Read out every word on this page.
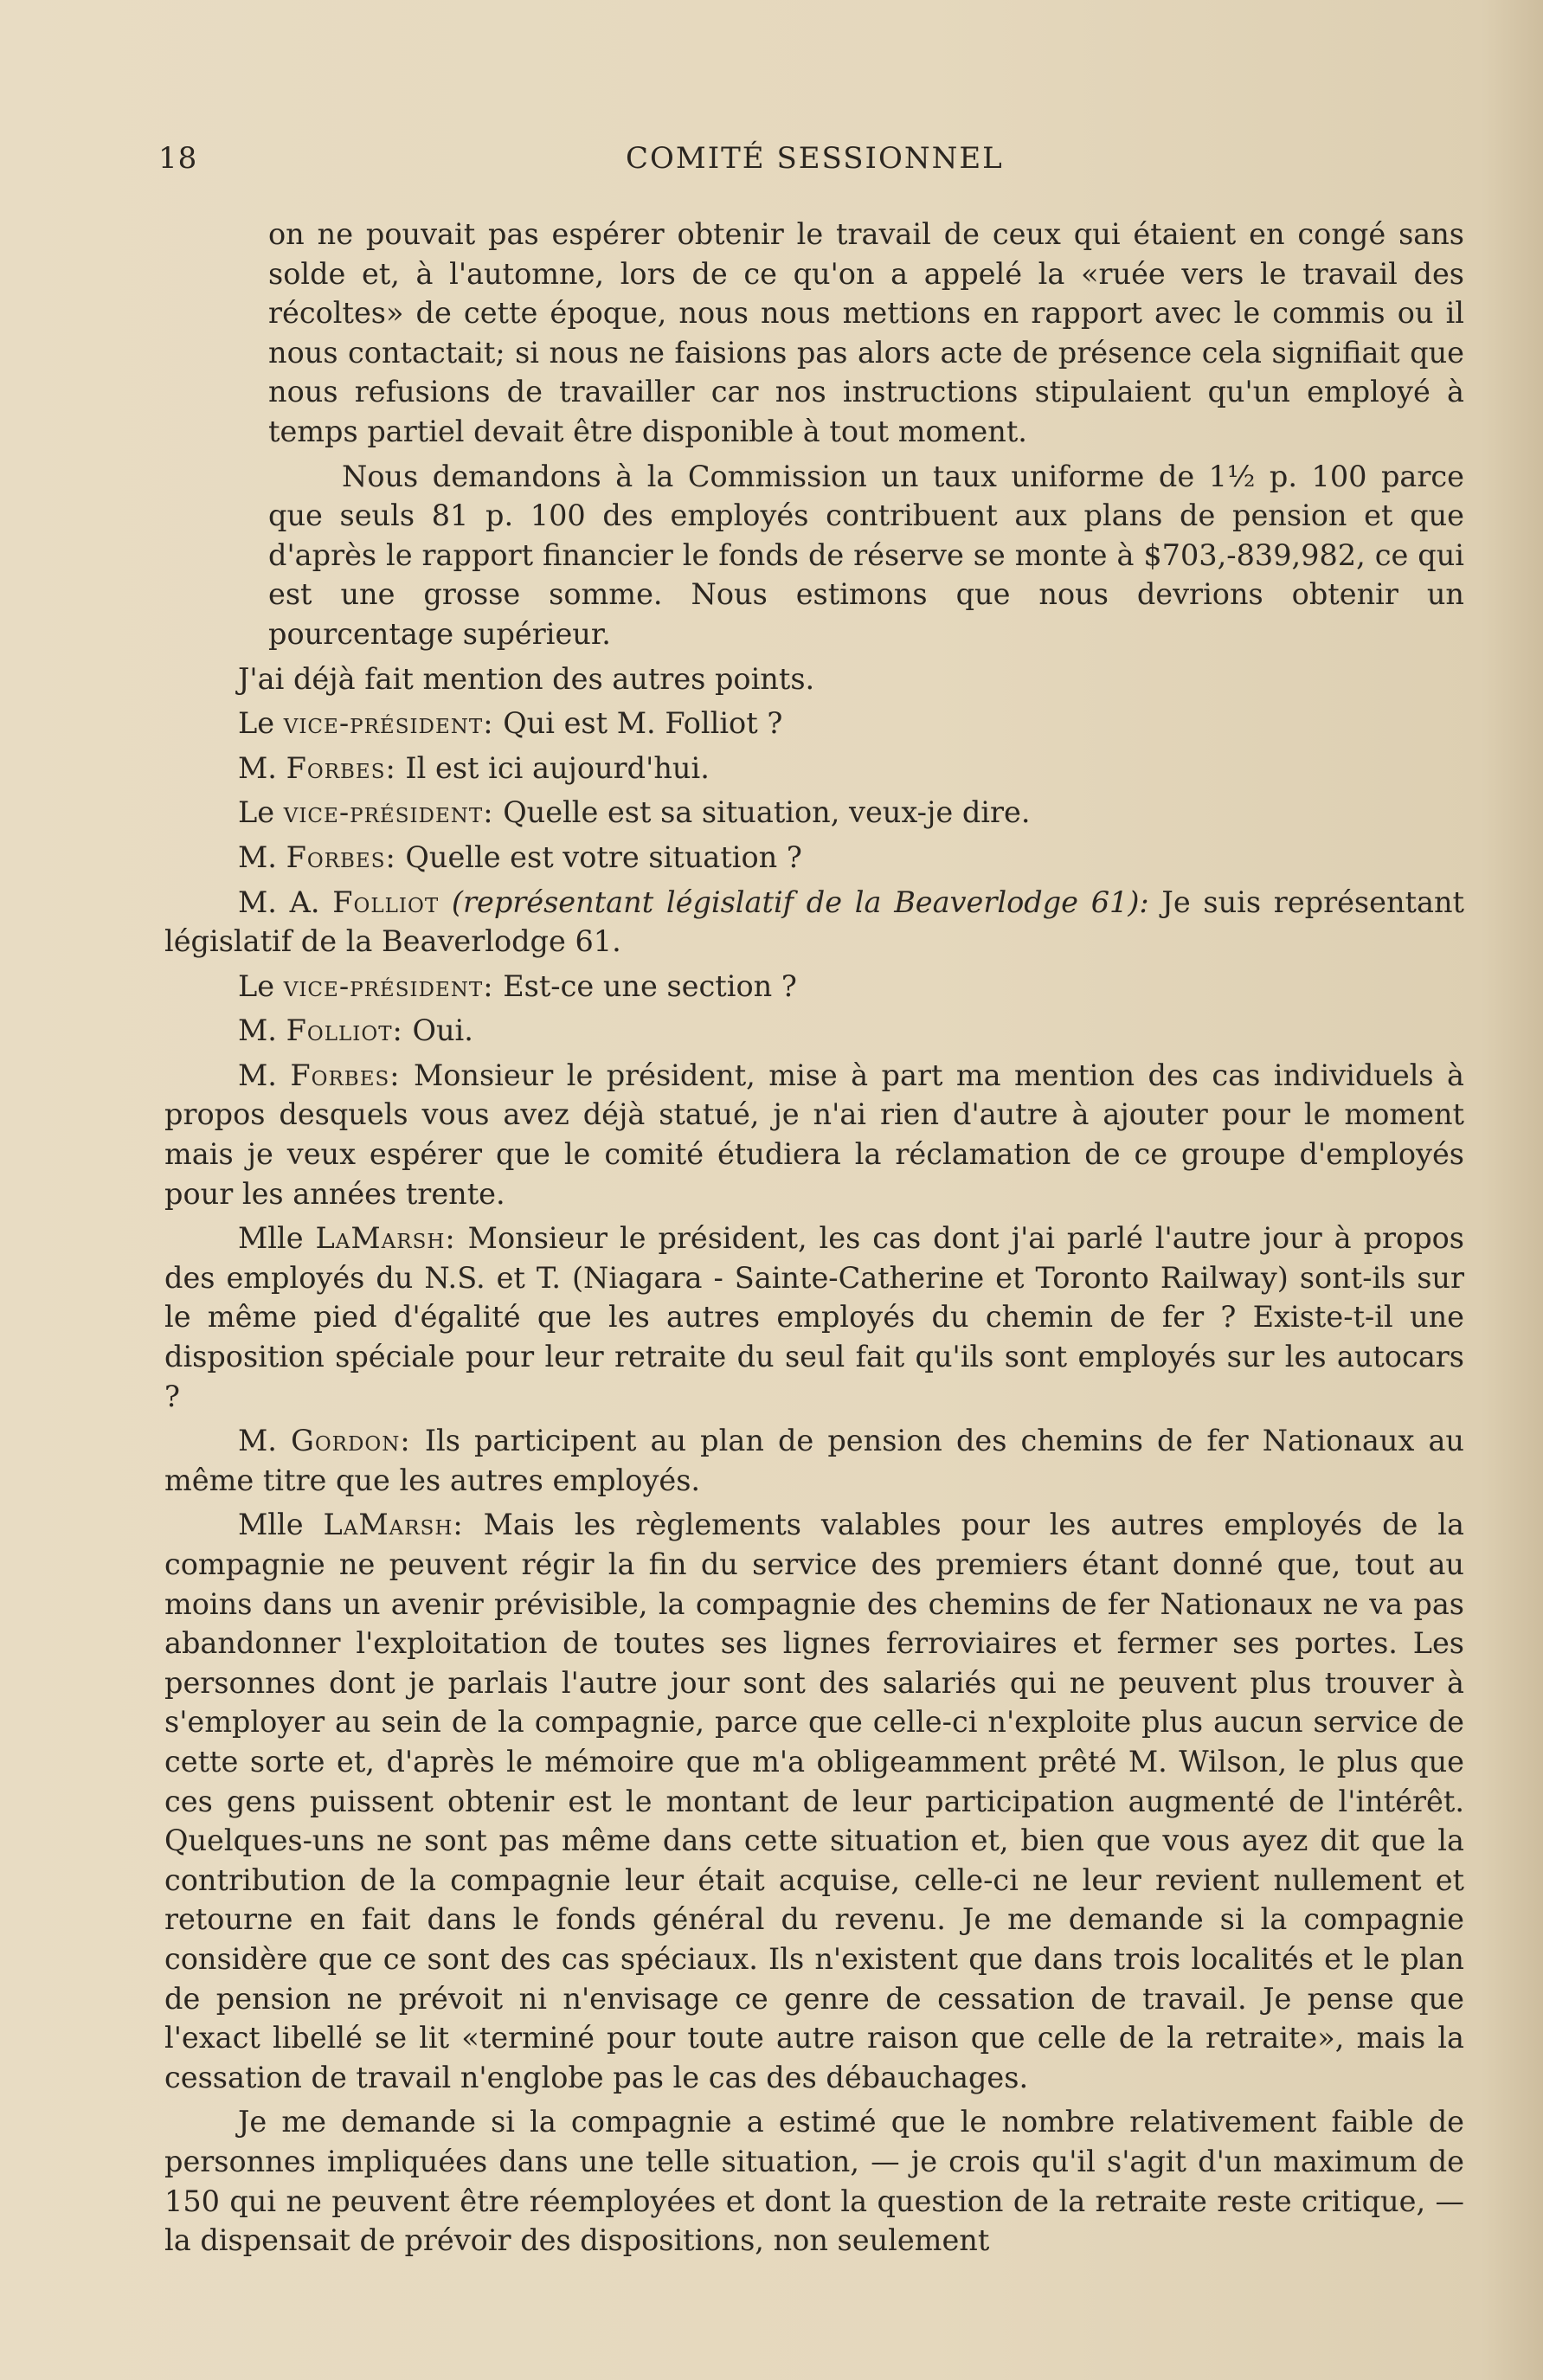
18	COMITÉ SESSIONNEL

on ne pouvait pas espérer obtenir le travail de ceux qui étaient en congé sans solde et, à l'automne, lors de ce qu'on a appelé la «ruée vers le travail des récoltes» de cette époque, nous nous mettions en rapport avec le commis ou il nous contactait; si nous ne faisions pas alors acte de présence cela signifiait que nous refusions de travailler car nos instructions stipulaient qu'un employé à temps partiel devait être disponible à tout moment.

Nous demandons à la Commission un taux uniforme de 1½ p. 100 parce que seuls 81 p. 100 des employés contribuent aux plans de pension et que d'après le rapport financier le fonds de réserve se monte à $703,-839,982, ce qui est une grosse somme. Nous estimons que nous devrions obtenir un pourcentage supérieur.

J'ai déjà fait mention des autres points.

Le vice-président: Qui est M. Folliot ?

M. Forbes: Il est ici aujourd'hui.

Le vice-président: Quelle est sa situation, veux-je dire.

M. Forbes: Quelle est votre situation ?

M. A. Folliot (représentant législatif de la Beaverlodge 61): Je suis représentant législatif de la Beaverlodge 61.

Le vice-président: Est-ce une section ?

M. Folliot: Oui.

M. Forbes: Monsieur le président, mise à part ma mention des cas individuels à propos desquels vous avez déjà statué, je n'ai rien d'autre à ajouter pour le moment mais je veux espérer que le comité étudiera la réclamation de ce groupe d'employés pour les années trente.

Mlle LaMarsh: Monsieur le président, les cas dont j'ai parlé l'autre jour à propos des employés du N.S. et T. (Niagara - Sainte-Catherine et Toronto Railway) sont-ils sur le même pied d'égalité que les autres employés du chemin de fer ? Existe-t-il une disposition spéciale pour leur retraite du seul fait qu'ils sont employés sur les autocars ?

M. Gordon: Ils participent au plan de pension des chemins de fer Nationaux au même titre que les autres employés.

Mlle LaMarsh: Mais les règlements valables pour les autres employés de la compagnie ne peuvent régir la fin du service des premiers étant donné que, tout au moins dans un avenir prévisible, la compagnie des chemins de fer Nationaux ne va pas abandonner l'exploitation de toutes ses lignes ferroviaires et fermer ses portes. Les personnes dont je parlais l'autre jour sont des salariés qui ne peuvent plus trouver à s'employer au sein de la compagnie, parce que celle-ci n'exploite plus aucun service de cette sorte et, d'après le mémoire que m'a obligeamment prêté M. Wilson, le plus que ces gens puissent obtenir est le montant de leur participation augmenté de l'intérêt. Quelques-uns ne sont pas même dans cette situation et, bien que vous ayez dit que la contribution de la compagnie leur était acquise, celle-ci ne leur revient nullement et retourne en fait dans le fonds général du revenu. Je me demande si la compagnie considère que ce sont des cas spéciaux. Ils n'existent que dans trois localités et le plan de pension ne prévoit ni n'envisage ce genre de cessation de travail. Je pense que l'exact libellé se lit «terminé pour toute autre raison que celle de la retraite», mais la cessation de travail n'englobe pas le cas des débauchages.

Je me demande si la compagnie a estimé que le nombre relativement faible de personnes impliquées dans une telle situation, — je crois qu'il s'agit d'un maximum de 150 qui ne peuvent être réemployées et dont la question de la retraite reste critique, — la dispensait de prévoir des dispositions, non seulement
